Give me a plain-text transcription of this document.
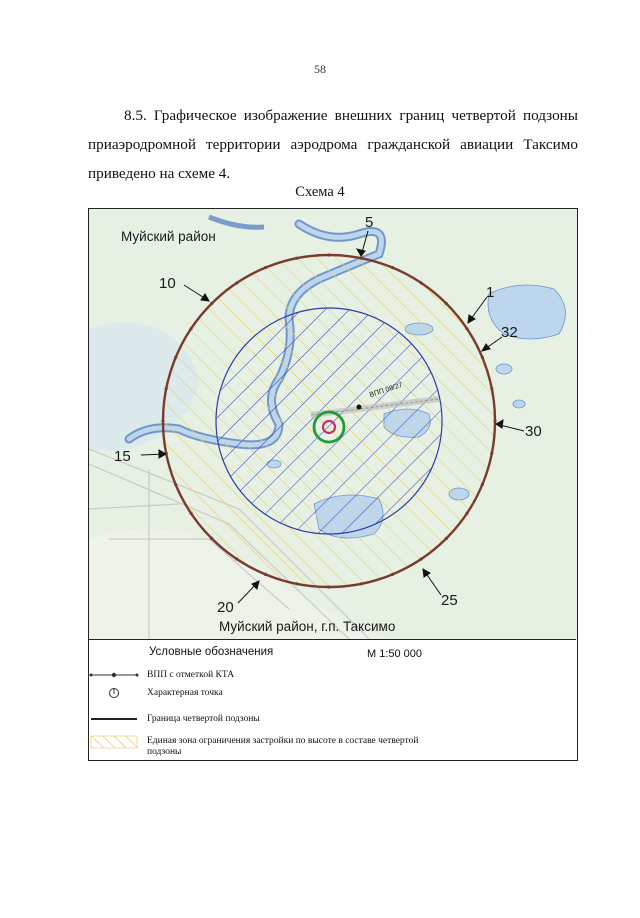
58

8.5. Графическое изображение внешних границ четвертой подзоны приаэродромной территории аэродрома гражданской авиации Таксимо приведено на схеме 4.

Схема 4
Муйский район
Муйский район, г.п. Таксимо
ВПП 09/27
5
10
1
32
30
15
20	25
Условные обозначения	М 1:50 000
ВПП с отметкой КТА
Характерная точка
Граница четвертой подзоны
Единая зона ограничения застройки по высоте в составе четвертой подзоны
